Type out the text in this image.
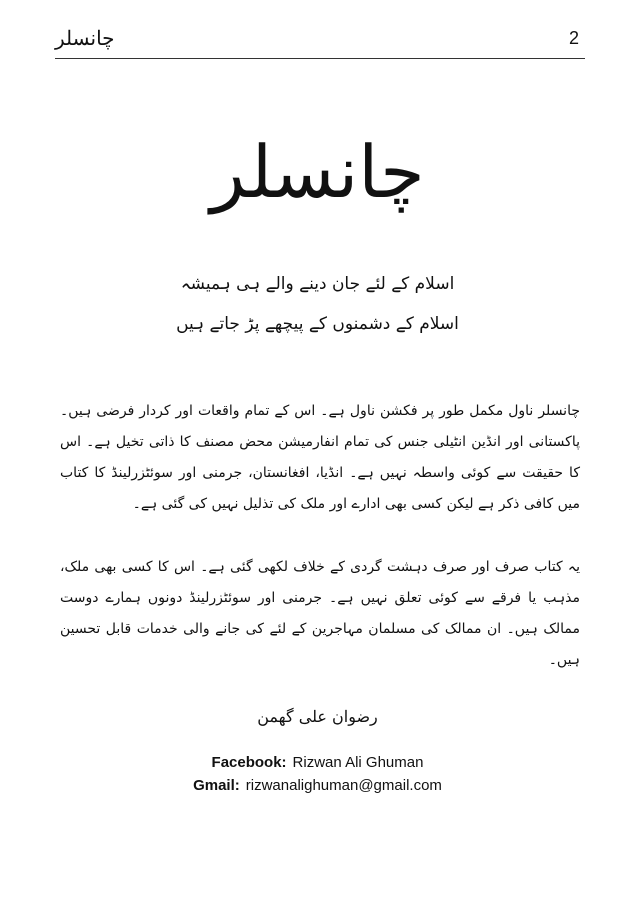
چانسلر	2
چانسلر
اسلام کے لئے جان دینے والے ہی ہمیشہ
اسلام کے دشمنوں کے پیچھے پڑ جاتے ہیں
چانسلر ناول مکمل طور پر فکشن ناول ہے۔ اس کے تمام واقعات اور کردار فرضی ہیں۔ پاکستانی اور انڈین انٹیلی جنس کی تمام انفارمیشن محض مصنف کا ذاتی تخیل ہے۔ اس کا حقیقت سے کوئی واسطہ نہیں ہے۔ انڈیا، افغانستان، جرمنی اور سوئٹزرلینڈ کا کتاب میں کافی ذکر ہے لیکن کسی بھی ادارے اور ملک کی تذلیل نہیں کی گئی ہے۔
یہ کتاب صرف اور صرف دہشت گردی کے خلاف لکھی گئی ہے۔ اس کا کسی بھی ملک، مذہب یا فرقے سے کوئی تعلق نہیں ہے۔ جرمنی اور سوئٹزرلینڈ دونوں ہمارے دوست ممالک ہیں۔ ان ممالک کی مسلمان مہاجرین کے لئے کی جانے والی خدمات قابل تحسین ہیں۔
رضوان علی گھمن
Facebook: Rizwan Ali Ghuman
Gmail: rizwanalighuman@gmail.com
